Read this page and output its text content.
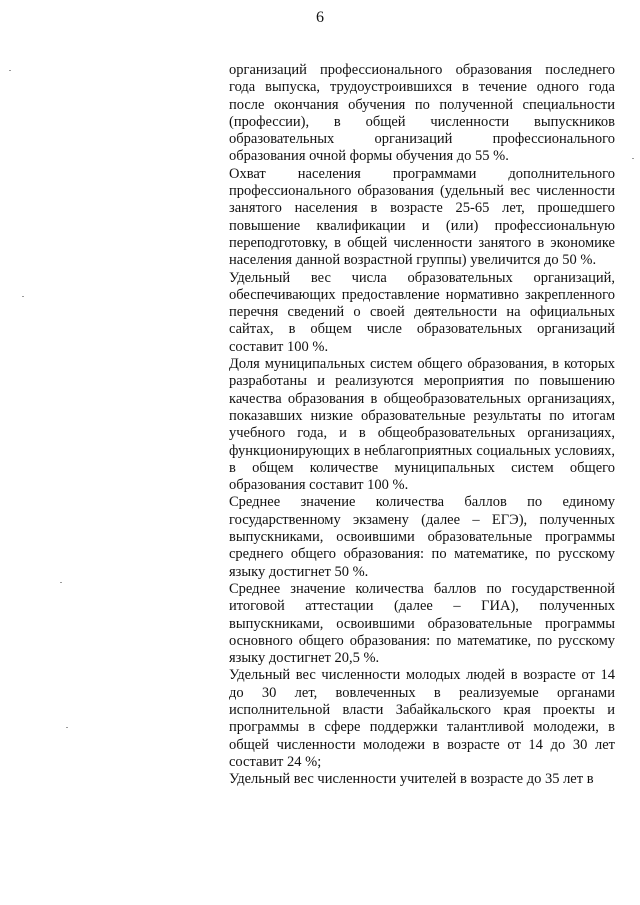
6

организаций профессионального образования последнего года выпуска, трудоустроившихся в течение одного года после окончания обучения по полученной специальности (профессии), в общей численности выпускников образовательных организаций профессионального образования очной формы обучения до 55 %.

Охват населения программами дополнительного профессионального образования (удельный вес численности занятого населения в возрасте 25-65 лет, прошедшего повышение квалификации и (или) профессиональную переподготовку, в общей численности занятого в экономике населения данной возрастной группы) увеличится до 50 %.

Удельный вес числа образовательных организаций, обеспечивающих предоставление нормативно закрепленного перечня сведений о своей деятельности на официальных сайтах, в общем числе образовательных организаций составит 100 %.

Доля муниципальных систем общего образования, в которых разработаны и реализуются мероприятия по повышению качества образования в общеобразовательных организациях, показавших низкие образовательные результаты по итогам учебного года, и в общеобразовательных организациях, функционирующих в неблагоприятных социальных условиях, в общем количестве муниципальных систем общего образования составит 100 %.

Среднее значение количества баллов по единому государственному экзамену (далее – ЕГЭ), полученных выпускниками, освоившими образовательные программы среднего общего образования: по математике, по русскому языку достигнет 50 %.

Среднее значение количества баллов по государственной итоговой аттестации (далее – ГИА), полученных выпускниками, освоившими образовательные программы основного общего образования: по математике, по русскому языку достигнет 20,5 %.

Удельный вес численности молодых людей в возрасте от 14 до 30 лет, вовлеченных в реализуемые органами исполнительной власти Забайкальского края проекты и программы в сфере поддержки талантливой молодежи, в общей численности молодежи в возрасте от 14 до 30 лет составит 24 %;

Удельный вес численности учителей в возрасте до 35 лет в
